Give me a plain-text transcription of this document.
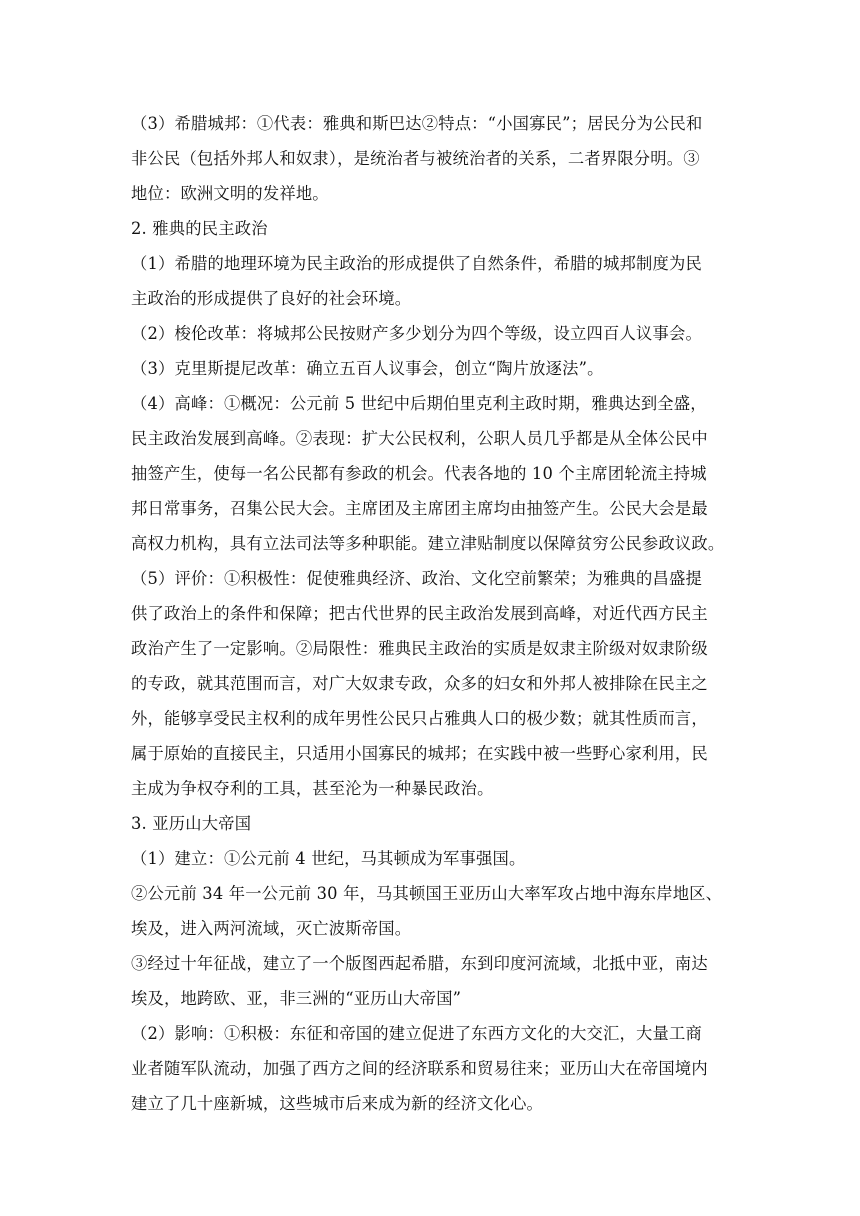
（3）希腊城邦：①代表：雅典和斯巴达②特点：“小国寡民”；居民分为公民和
非公民（包括外邦人和奴隶），是统治者与被统治者的关系，二者界限分明。③
地位：欧洲文明的发祥地。
2. 雅典的民主政治
（1）希腊的地理环境为民主政治的形成提供了自然条件，希腊的城邦制度为民
主政治的形成提供了良好的社会环境。
（2）梭伦改革：将城邦公民按财产多少划分为四个等级，设立四百人议事会。
（3）克里斯提尼改革：确立五百人议事会，创立“陶片放逐法”。
（4）高峰：①概况：公元前 5 世纪中后期伯里克利主政时期，雅典达到全盛，
民主政治发展到高峰。②表现：扩大公民权利，公职人员几乎都是从全体公民中
抽签产生，使每一名公民都有参政的机会。代表各地的 10 个主席团轮流主持城
邦日常事务，召集公民大会。主席团及主席团主席均由抽签产生。公民大会是最
高权力机构，具有立法司法等多种职能。建立津贴制度以保障贫穷公民参政议政。
（5）评价：①积极性：促使雅典经济、政治、文化空前繁荣；为雅典的昌盛提
供了政治上的条件和保障；把古代世界的民主政治发展到高峰，对近代西方民主
政治产生了一定影响。②局限性：雅典民主政治的实质是奴隶主阶级对奴隶阶级
的专政，就其范围而言，对广大奴隶专政，众多的妇女和外邦人被排除在民主之
外，能够享受民主权利的成年男性公民只占雅典人口的极少数；就其性质而言，
属于原始的直接民主，只适用小国寡民的城邦；在实践中被一些野心家利用，民
主成为争权夺利的工具，甚至沦为一种暴民政治。
3. 亚历山大帝国
（1）建立：①公元前 4 世纪，马其顿成为军事强国。
②公元前 34 年一公元前 30 年，马其顿国王亚历山大率军攻占地中海东岸地区、
埃及，进入两河流域，灭亡波斯帝国。
③经过十年征战，建立了一个版图西起希腊，东到印度河流域，北抵中亚，南达
埃及，地跨欧、亚，非三洲的“亚历山大帝国”
（2）影响：①积极：东征和帝国的建立促进了东西方文化的大交汇，大量工商
业者随军队流动，加强了西方之间的经济联系和贸易往来；亚历山大在帝国境内
建立了几十座新城，这些城市后来成为新的经济文化心。
